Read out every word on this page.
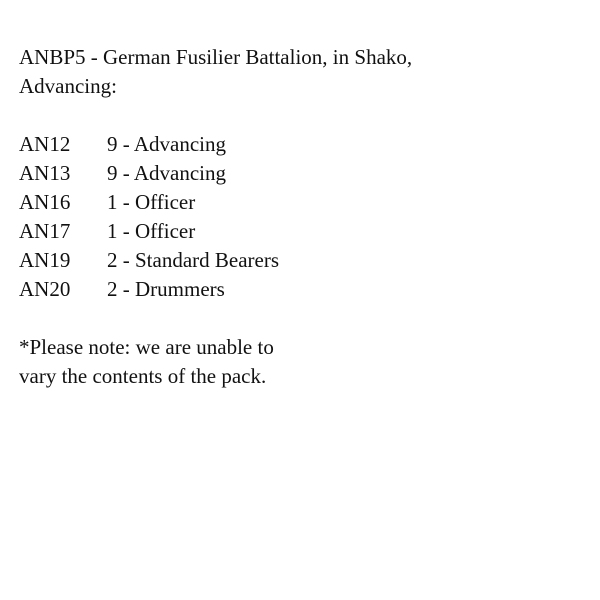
ANBP5 - German Fusilier Battalion, in Shako,
Advancing:
AN12	9 - Advancing
AN13	9 - Advancing
AN16	1 - Officer
AN17	1 - Officer
AN19	2 - Standard Bearers
AN20	2 - Drummers
*Please note: we are unable to
vary the contents of the pack.
